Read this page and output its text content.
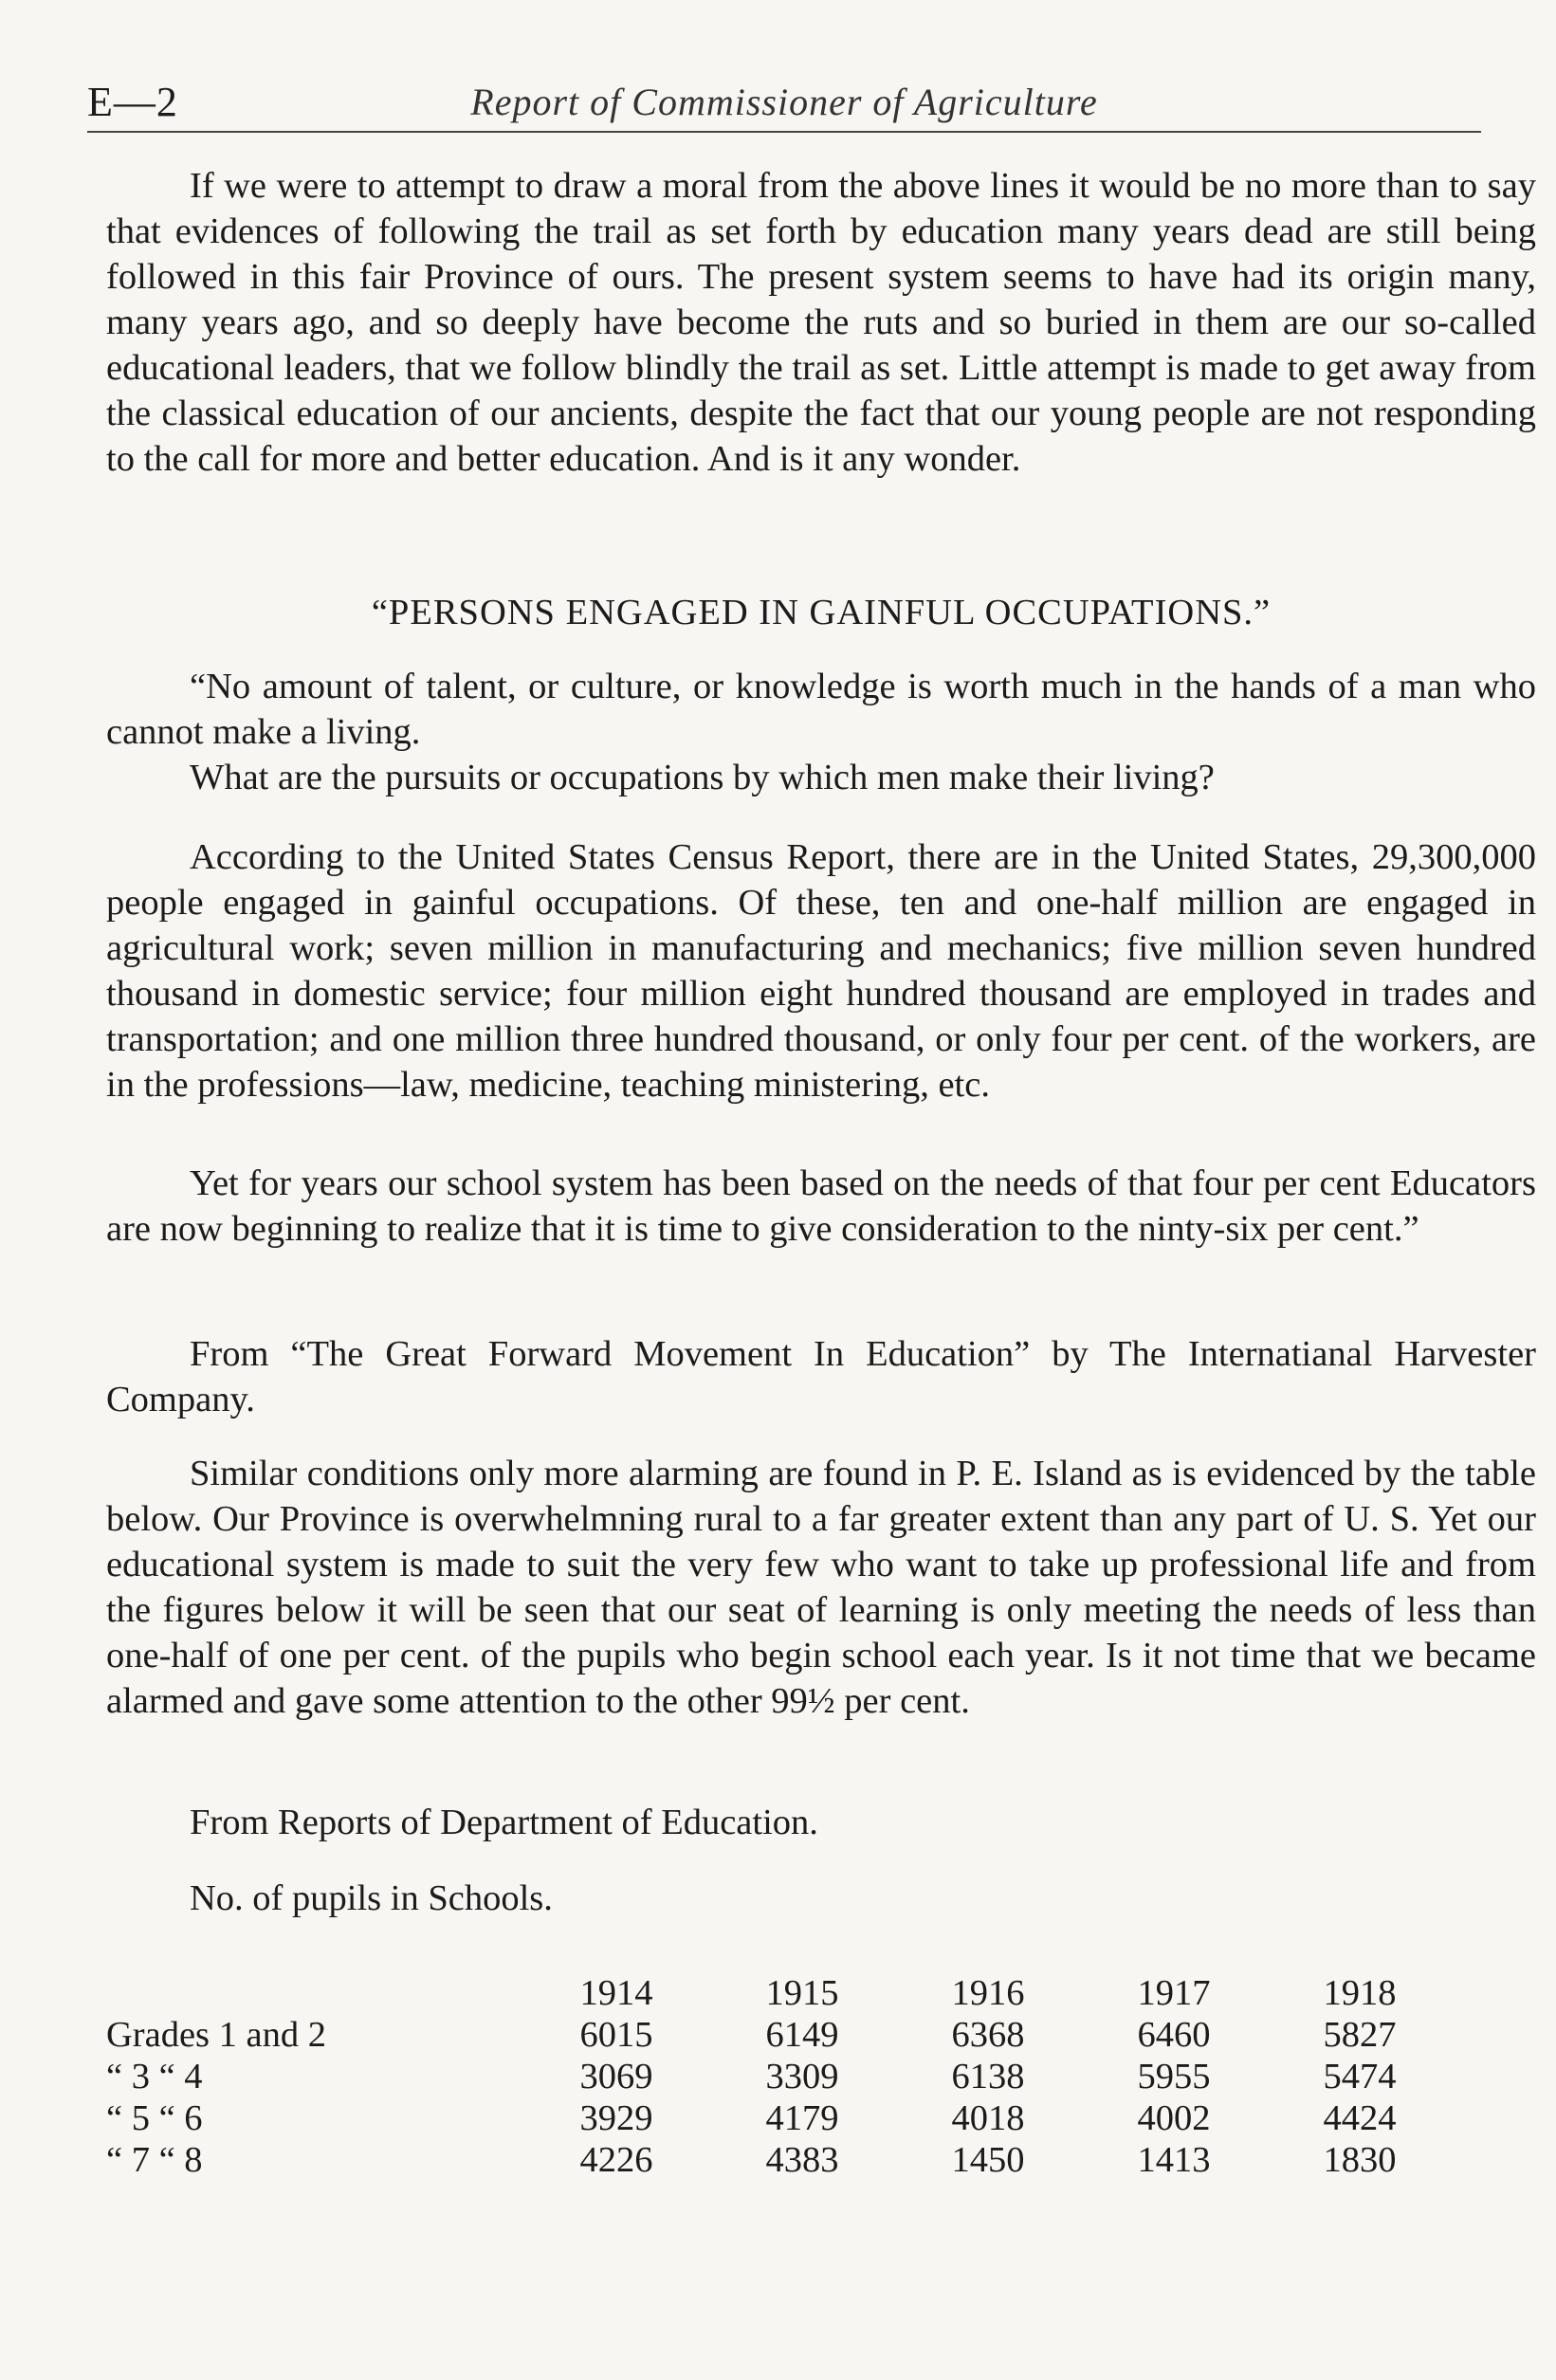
E—2	Report of Commissioner of Agriculture

If we were to attempt to draw a moral from the above lines it would be no more than to say that evidences of following the trail as set forth by education many years dead are still being followed in this fair Province of ours. The present system seems to have had its origin many, many years ago, and so deeply have become the ruts and so buried in them are our so-called educational leaders, that we follow blindly the trail as set. Little attempt is made to get away from the classical education of our ancients, despite the fact that our young people are not responding to the call for more and better education. And is it any wonder.

“PERSONS ENGAGED IN GAINFUL OCCUPATIONS.”

“No amount of talent, or culture, or knowledge is worth much in the hands of a man who cannot make a living.

What are the pursuits or occupations by which men make their living?

According to the United States Census Report, there are in the United States, 29,300,000 people engaged in gainful occupations. Of these, ten and one-half million are engaged in agricultural work; seven million in manufacturing and mechanics; five million seven hundred thousand in domestic service; four million eight hundred thousand are employed in trades and transportation; and one million three hundred thousand, or only four per cent. of the workers, are in the professions—law, medicine, teaching ministering, etc.

Yet for years our school system has been based on the needs of that four per cent Educators are now beginning to realize that it is time to give consideration to the ninty-six per cent.”

From “The Great Forward Movement In Education” by The Internatianal Harvester Company.

Similar conditions only more alarming are found in P. E. Island as is evidenced by the table below. Our Province is overwhelmning rural to a far greater extent than any part of U. S. Yet our educational system is made to suit the very few who want to take up professional life and from the figures below it will be seen that our seat of learning is only meeting the needs of less than one-half of one per cent. of the pupils who begin school each year. Is it not time that we became alarmed and gave some attention to the other 99½ per cent.

From Reports of Department of Education.

No. of pupils in Schools.

	1914	1915	1916	1917	1918
Grades 1 and 2	6015	6149	6368	6460	5827
“ 3 “ 4	3069	3309	6138	5955	5474
“ 5 “ 6	3929	4179	4018	4002	4424
“ 7 “ 8	4226	4383	1450	1413	1830
